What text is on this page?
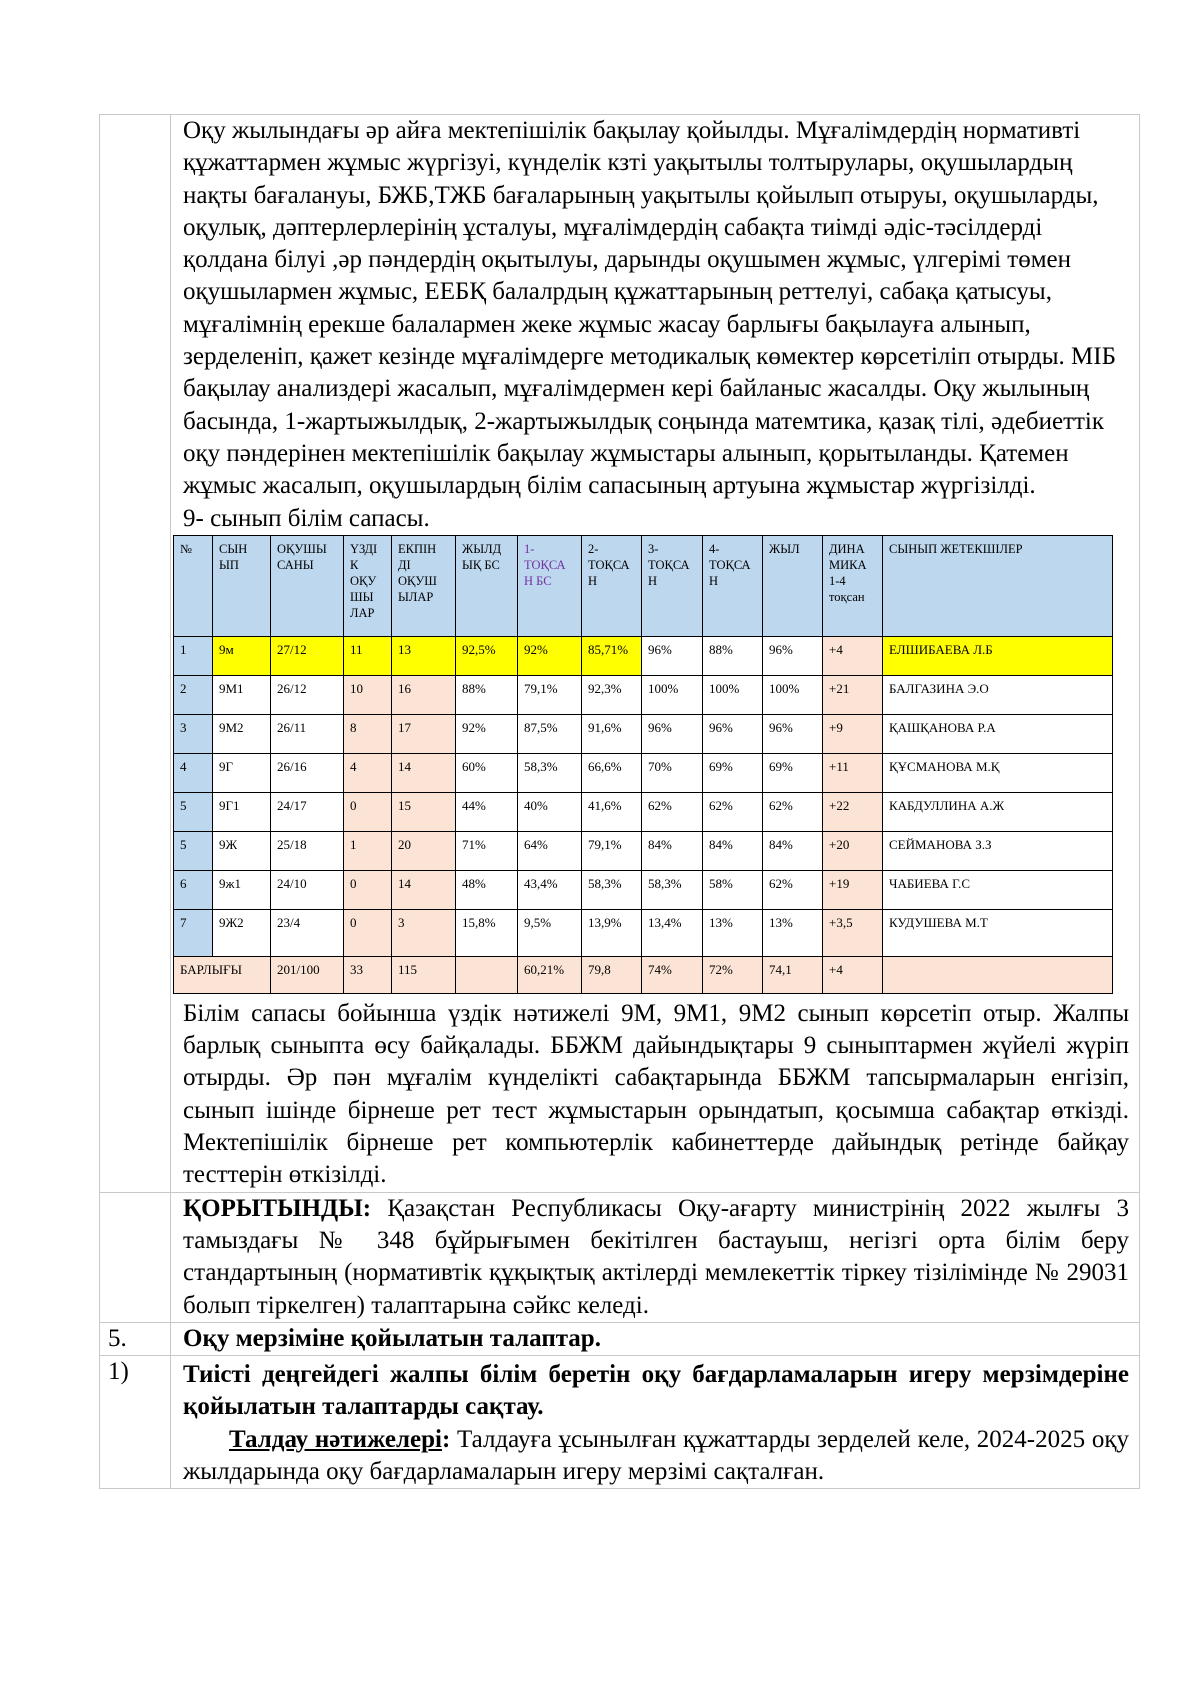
Оқу жылындағы әр айға мектепішілік бақылау қойылды. Мұғалімдердің нормативті құжаттармен жұмыс жүргізуі, күнделік кзті уақытылы толтырулары, оқушылардың нақты бағалануы, БЖБ,ТЖБ бағаларының уақытылы қойылып отыруы, оқушыларды, оқулық, дәптерлерлерінің ұсталуы, мұғалімдердің сабақта тиімді әдіс-тәсілдерді қолдана білуі ,әр пәндердің оқытылуы, дарынды оқушымен жұмыс, үлгерімі төмен оқушылармен жұмыс, ЕЕБҚ балалрдың құжаттарының реттелуі, сабақа қатысуы, мұғалімнің ерекше балалармен жеке жұмыс жасау барлығы бақылауға алынып, зерделеніп, қажет кезінде мұғалімдерге методикалық көмектер көрсетіліп отырды. МІБ бақылау анализдері жасалып, мұғалімдермен кері байланыс жасалды. Оқу жылының басында, 1-жартыжылдық, 2-жартыжылдық соңында матемтика, қазақ тілі, әдебиеттік оқу пәндерінен мектепішілік бақылау жұмыстары алынып, қорытыланды. Қатемен жұмыс жасалып, оқушылардың білім сапасының артуына жұмыстар жүргізілді.

9- сынып білім сапасы.

№	СЫН ЫП	ОҚУШЫ САНЫ	ҮЗДІ К ОҚУ ШЫ ЛАР	ЕКПІН ДІ ОҚУШ ЫЛАР	ЖЫЛД ЫҚ БС	1- ТОҚСА Н БС	2- ТОҚСА Н	3- ТОҚСА Н	4- ТОҚСА Н	ЖЫЛ	ДИНА МИКА 1-4 тоқсан	СЫНЫП ЖЕТЕКШІЛЕР
1	9м	27/12	11	13	92,5%	92%	85,71%	96%	88%	96%	+4	ЕЛШИБАЕВА Л.Б
2	9М1	26/12	10	16	88%	79,1%	92,3%	100%	100%	100%	+21	БАЛГАЗИНА Э.О
3	9М2	26/11	8	17	92%	87,5%	91,6%	96%	96%	96%	+9	ҚАШҚАНОВА Р.А
4	9Г	26/16	4	14	60%	58,3%	66,6%	70%	69%	69%	+11	ҚҰСМАНОВА М.Қ
5	9Г1	24/17	0	15	44%	40%	41,6%	62%	62%	62%	+22	КАБДУЛЛИНА А.Ж
5	9Ж	25/18	1	20	71%	64%	79,1%	84%	84%	84%	+20	СЕЙМАНОВА З.З
6	9ж1	24/10	0	14	48%	43,4%	58,3%	58,3%	58%	62%	+19	ЧАБИЕВА Г.С
7	9Ж2	23/4	0	3	15,8%	9,5%	13,9%	13,4%	13%	13%	+3,5	КУДУШЕВА М.Т
БАРЛЫҒЫ	201/100	33	115		60,21%	79,8	74%	72%	74,1	+4	

Білім сапасы бойынша үздік нәтижелі 9М, 9М1, 9М2 сынып көрсетіп отыр. Жалпы барлық сыныпта өсу байқалады. ББЖМ дайындықтары 9 сыныптармен жүйелі жүріп отырды. Әр пән мұғалім күнделікті сабақтарында ББЖМ тапсырмаларын енгізіп, сынып ішінде бірнеше рет тест жұмыстарын орындатып, қосымша сабақтар өткізді. Мектепішілік бірнеше рет компьютерлік кабинеттерде дайындық ретінде байқау тесттерін өткізілді.

	ҚОРЫТЫНДЫ: Қазақстан Республикасы Оқу-ағарту министрінің 2022 жылғы 3 тамыздағы № 348 бұйрығымен бекітілген бастауыш, негізгі орта білім беру стандартының (нормативтік құқықтық актілерді мемлекеттік тіркеу тізілімінде № 29031 болып тіркелген) талаптарына сәйкс келеді.
5.	Оқу мерзіміне қойылатын талаптар.
1)	Тиісті деңгейдегі жалпы білім беретін оқу бағдарламаларын игеру мерзімдеріне қойылатын талаптарды сақтау.

Талдау нәтижелері: Талдауға ұсынылған құжаттарды зерделей келе, 2024-2025 оқу жылдарында оқу бағдарламаларын игеру мерзімі сақталған.
